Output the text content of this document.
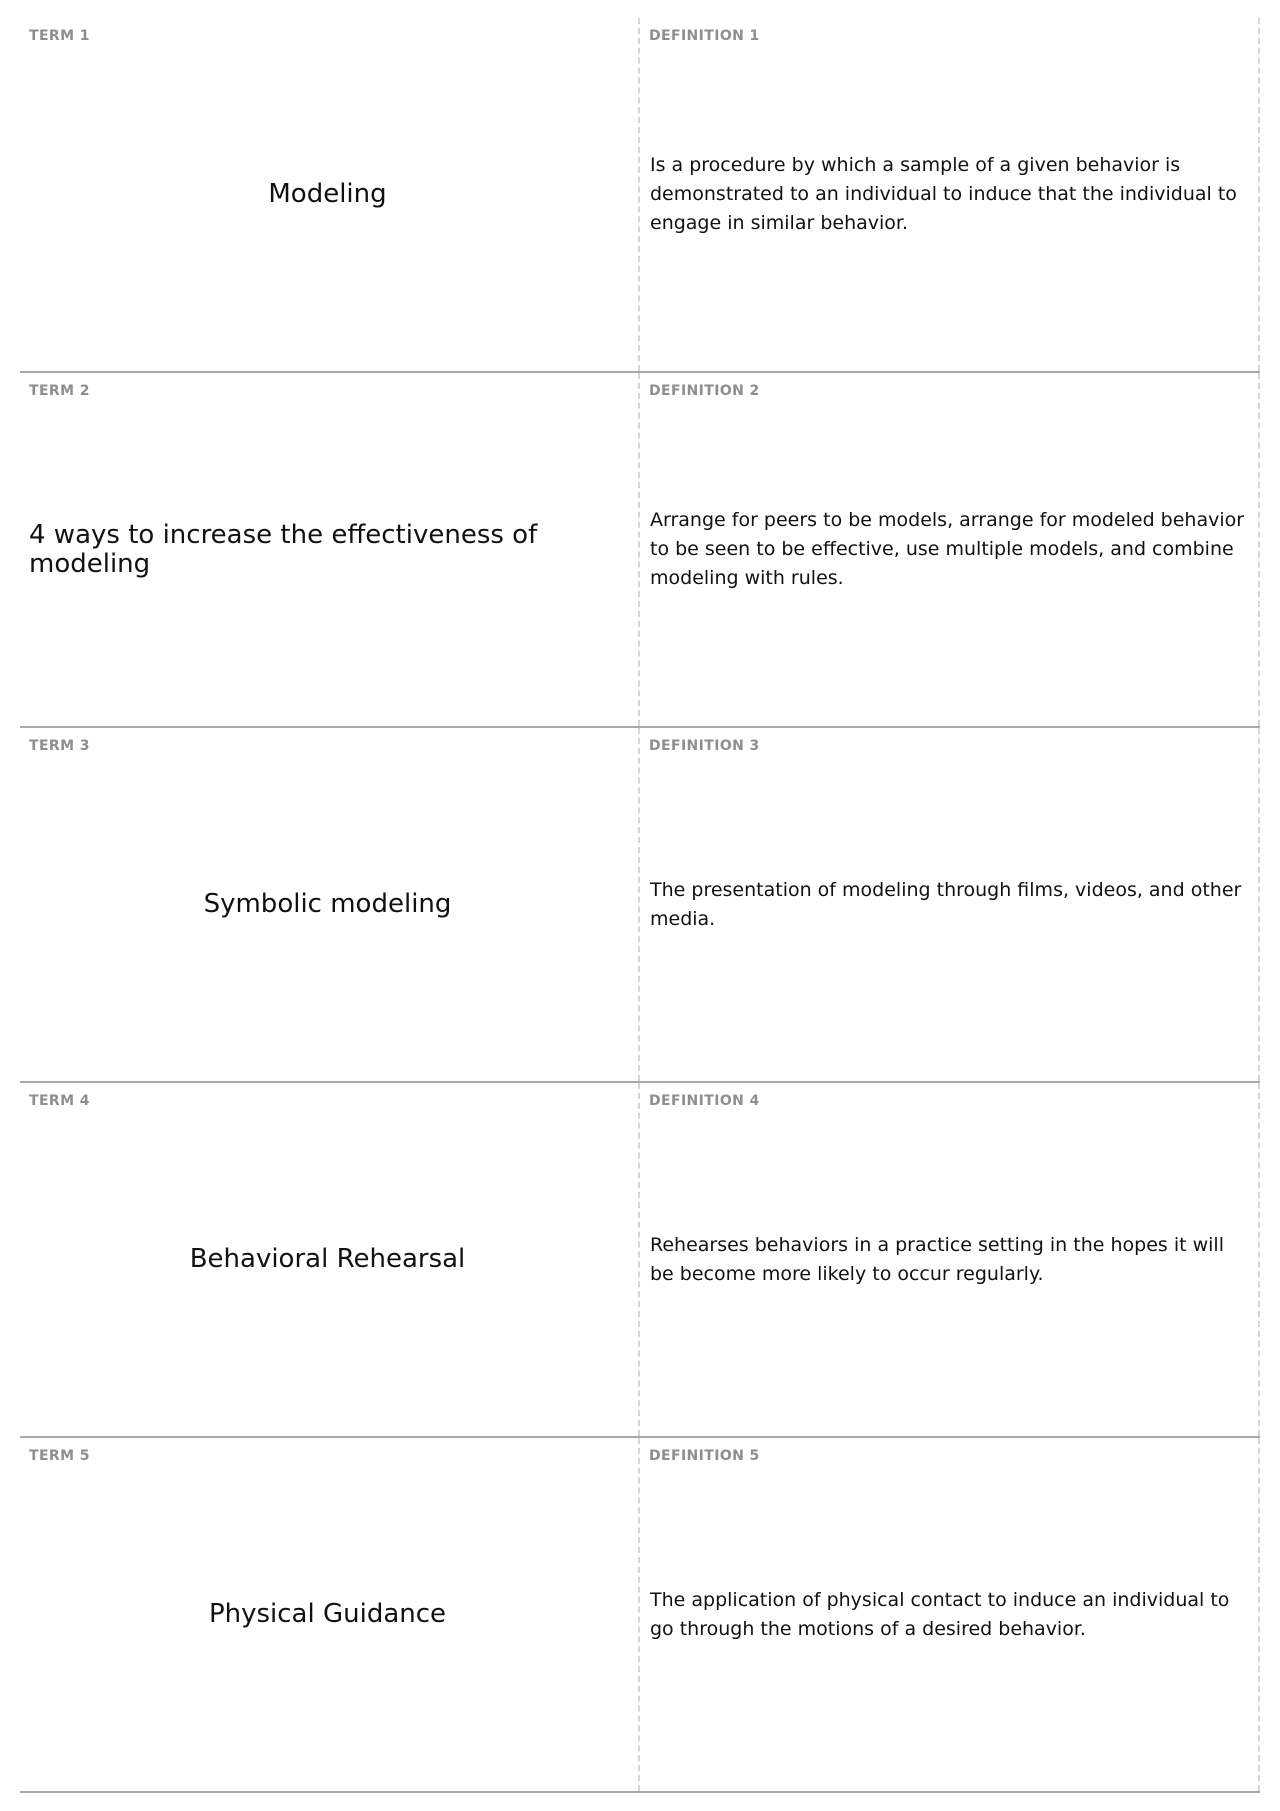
TERM 1
Modeling
DEFINITION 1
Is a procedure by which a sample of a given behavior is demonstrated to an individual to induce that the individual to engage in similar behavior.
TERM 2
4 ways to increase the effectiveness of modeling
DEFINITION 2
Arrange for peers to be models, arrange for modeled behavior to be seen to be effective, use multiple models, and combine modeling with rules.
TERM 3
Symbolic modeling
DEFINITION 3
The presentation of modeling through films, videos, and other media.
TERM 4
Behavioral Rehearsal
DEFINITION 4
Rehearses behaviors in a practice setting in the hopes it will be become more likely to occur regularly.
TERM 5
Physical Guidance
DEFINITION 5
The application of physical contact to induce an individual to go through the motions of a desired behavior.
